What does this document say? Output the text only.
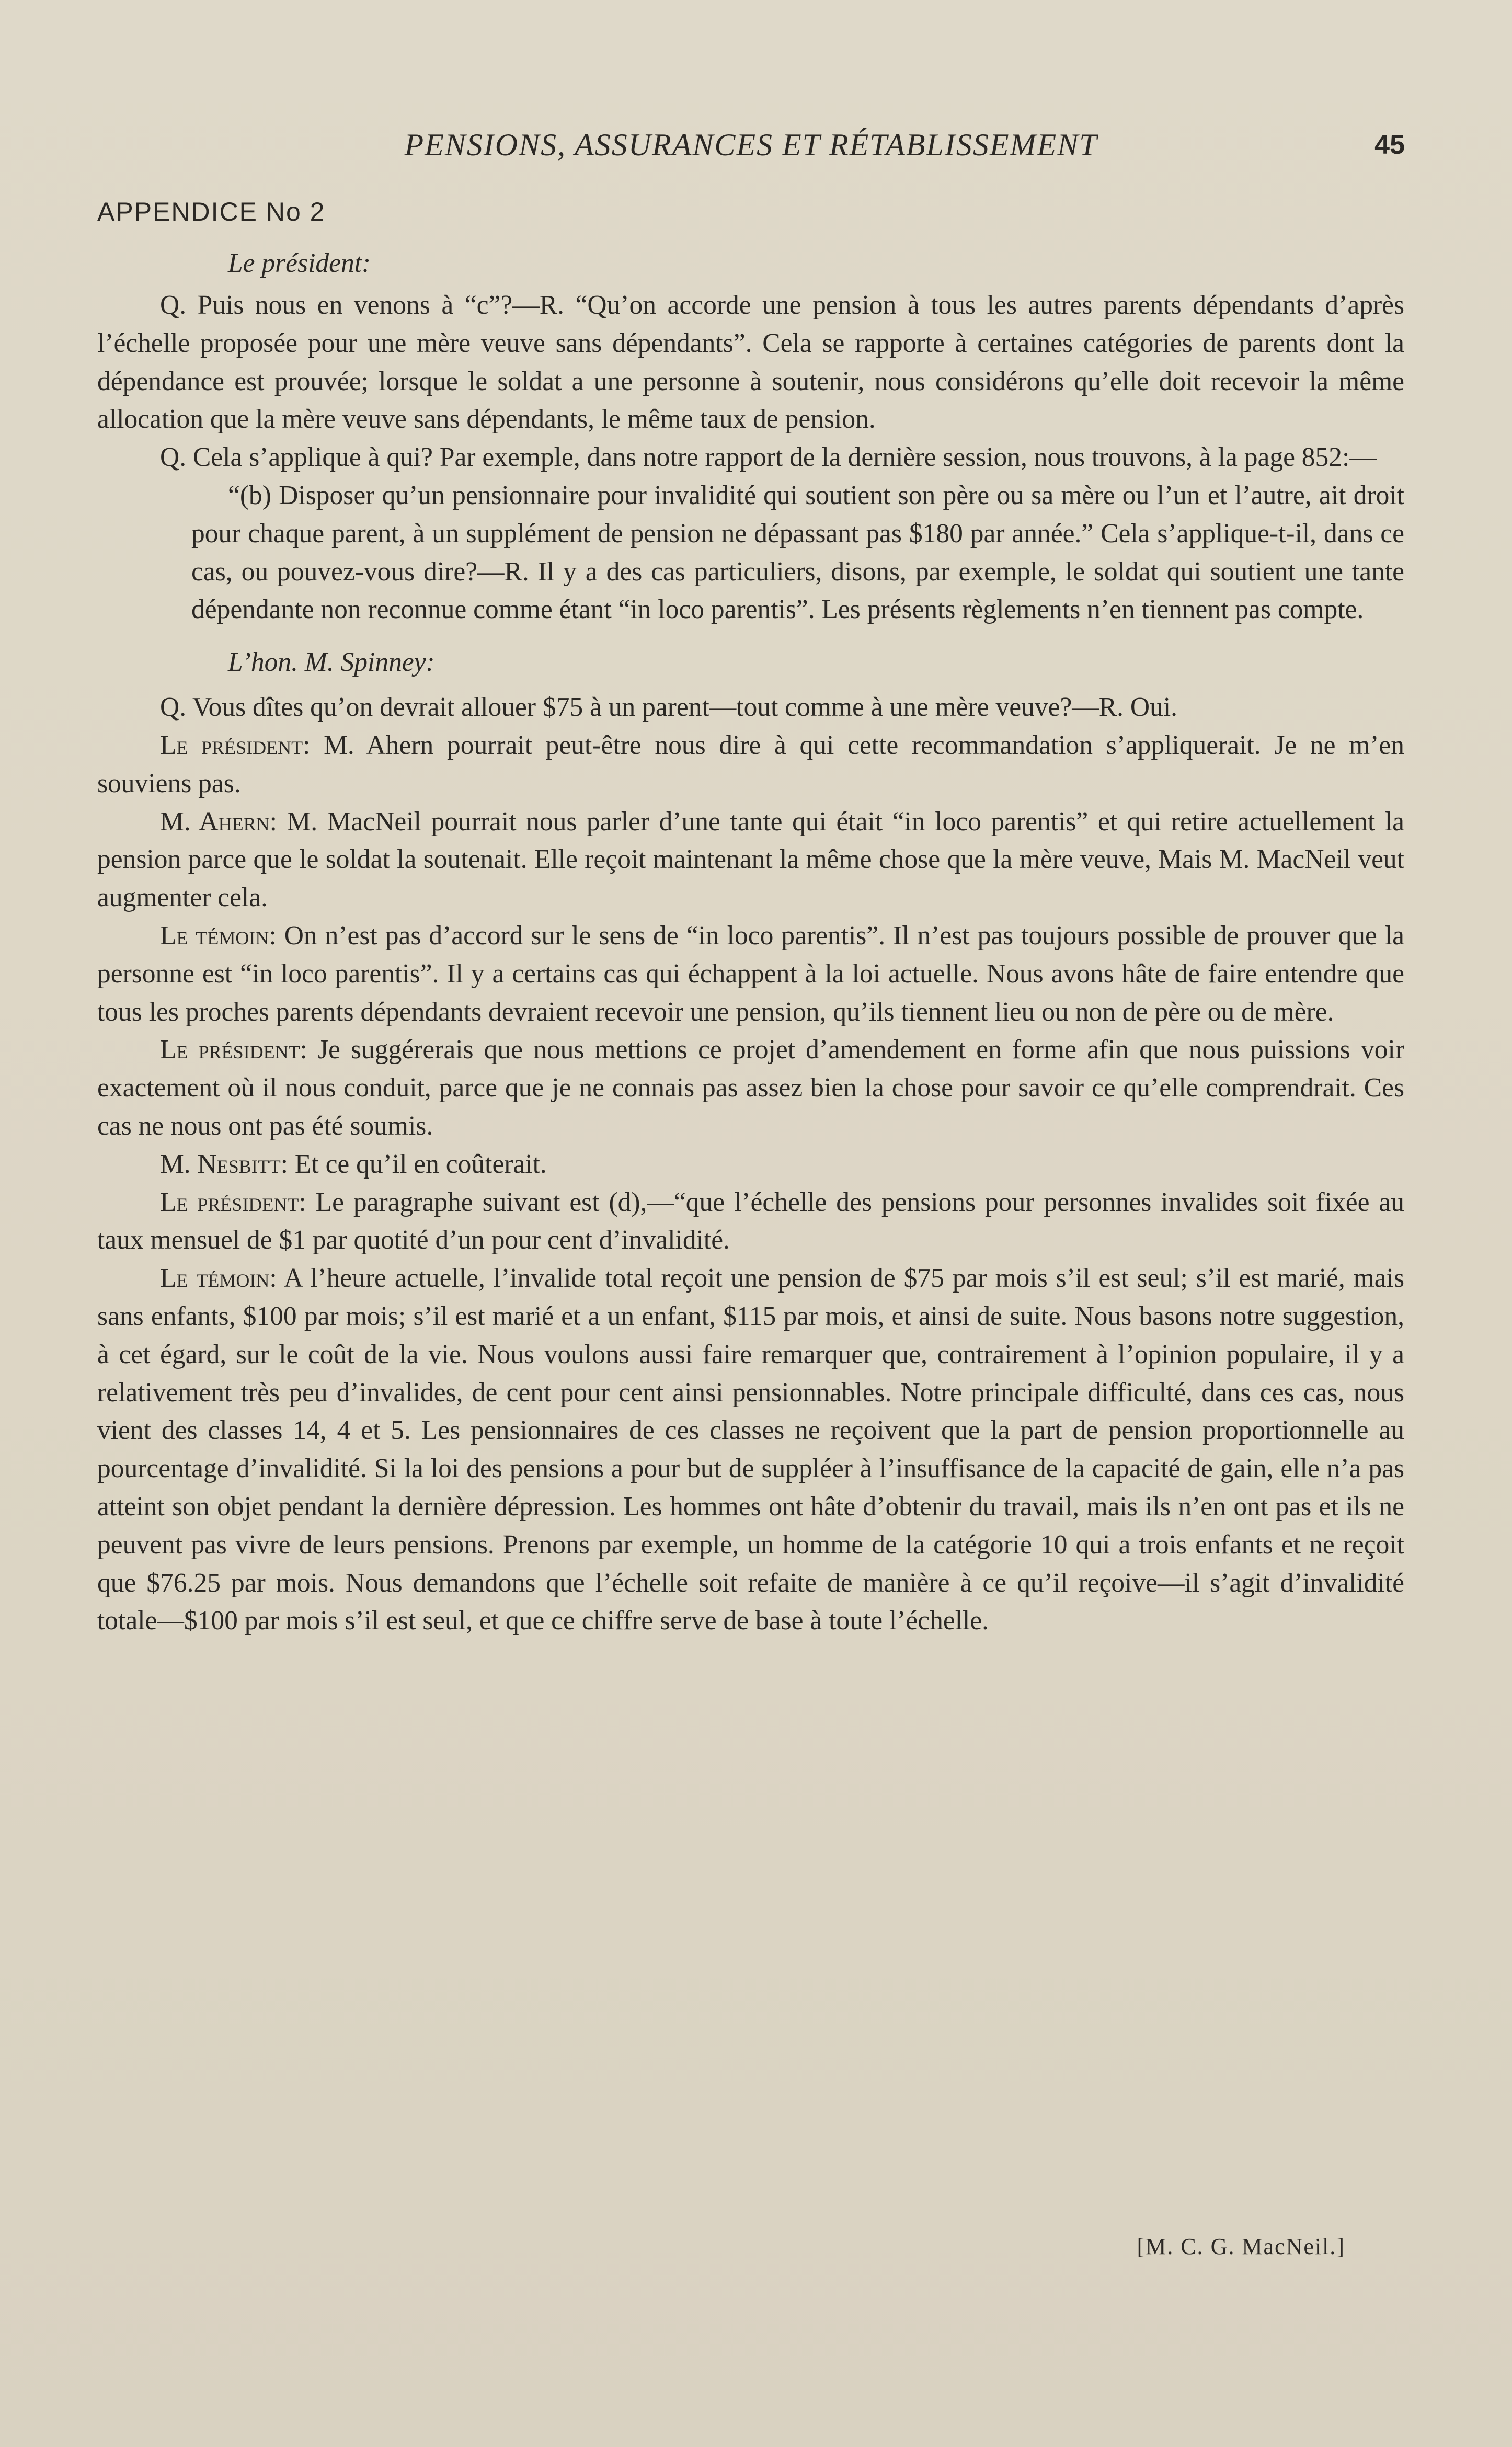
PENSIONS, ASSURANCES ET RÉTABLISSEMENT	45
APPENDICE No 2
Le président:

Q. Puis nous en venons à “c”?—R. “Qu’on accorde une pension à tous les autres parents dépendants d’après l’échelle proposée pour une mère veuve sans dépendants”. Cela se rapporte à certaines catégories de parents dont la dépendance est prouvée; lorsque le soldat a une personne à soutenir, nous considérons qu’elle doit recevoir la même allocation que la mère veuve sans dépendants, le même taux de pension.

Q. Cela s’applique à qui? Par exemple, dans notre rapport de la dernière session, nous trouvons, à la page 852:—

“(b) Disposer qu’un pensionnaire pour invalidité qui soutient son père ou sa mère ou l’un et l’autre, ait droit pour chaque parent, à un supplément de pension ne dépassant pas $180 par année.” Cela s’applique-t-il, dans ce cas, ou pouvez-vous dire?—R. Il y a des cas particuliers, disons, par exemple, le soldat qui soutient une tante dépendante non reconnue comme étant “in loco parentis”. Les présents règlements n’en tiennent pas compte.

L’hon. M. Spinney:

Q. Vous dîtes qu’on devrait allouer $75 à un parent—tout comme à une mère veuve?—R. Oui.

Le président: M. Ahern pourrait peut-être nous dire à qui cette recommandation s’appliquerait. Je ne m’en souviens pas.

M. Ahern: M. MacNeil pourrait nous parler d’une tante qui était “in loco parentis” et qui retire actuellement la pension parce que le soldat la soutenait. Elle reçoit maintenant la même chose que la mère veuve, Mais M. MacNeil veut augmenter cela.

Le témoin: On n’est pas d’accord sur le sens de “in loco parentis”. Il n’est pas toujours possible de prouver que la personne est “in loco parentis”. Il y a certains cas qui échappent à la loi actuelle. Nous avons hâte de faire entendre que tous les proches parents dépendants devraient recevoir une pension, qu’ils tiennent lieu ou non de père ou de mère.

Le président: Je suggérerais que nous mettions ce projet d’amendement en forme afin que nous puissions voir exactement où il nous conduit, parce que je ne connais pas assez bien la chose pour savoir ce qu’elle comprendrait. Ces cas ne nous ont pas été soumis.

M. Nesbitt: Et ce qu’il en coûterait.

Le président: Le paragraphe suivant est (d),—“que l’échelle des pensions pour personnes invalides soit fixée au taux mensuel de $1 par quotité d’un pour cent d’invalidité.

Le témoin: A l’heure actuelle, l’invalide total reçoit une pension de $75 par mois s’il est seul; s’il est marié, mais sans enfants, $100 par mois; s’il est marié et a un enfant, $115 par mois, et ainsi de suite. Nous basons notre suggestion, à cet égard, sur le coût de la vie. Nous voulons aussi faire remarquer que, contrairement à l’opinion populaire, il y a relativement très peu d’invalides, de cent pour cent ainsi pensionnables. Notre principale difficulté, dans ces cas, nous vient des classes 14, 4 et 5. Les pensionnaires de ces classes ne reçoivent que la part de pension proportionnelle au pourcentage d’invalidité. Si la loi des pensions a pour but de suppléer à l’insuffisance de la capacité de gain, elle n’a pas atteint son objet pendant la dernière dépression. Les hommes ont hâte d’obtenir du travail, mais ils n’en ont pas et ils ne peuvent pas vivre de leurs pensions. Prenons par exemple, un homme de la catégorie 10 qui a trois enfants et ne reçoit que $76.25 par mois. Nous demandons que l’échelle soit refaite de manière à ce qu’il reçoive—il s’agit d’invalidité totale—$100 par mois s’il est seul, et que ce chiffre serve de base à toute l’échelle.

[M. C. G. MacNeil.]
